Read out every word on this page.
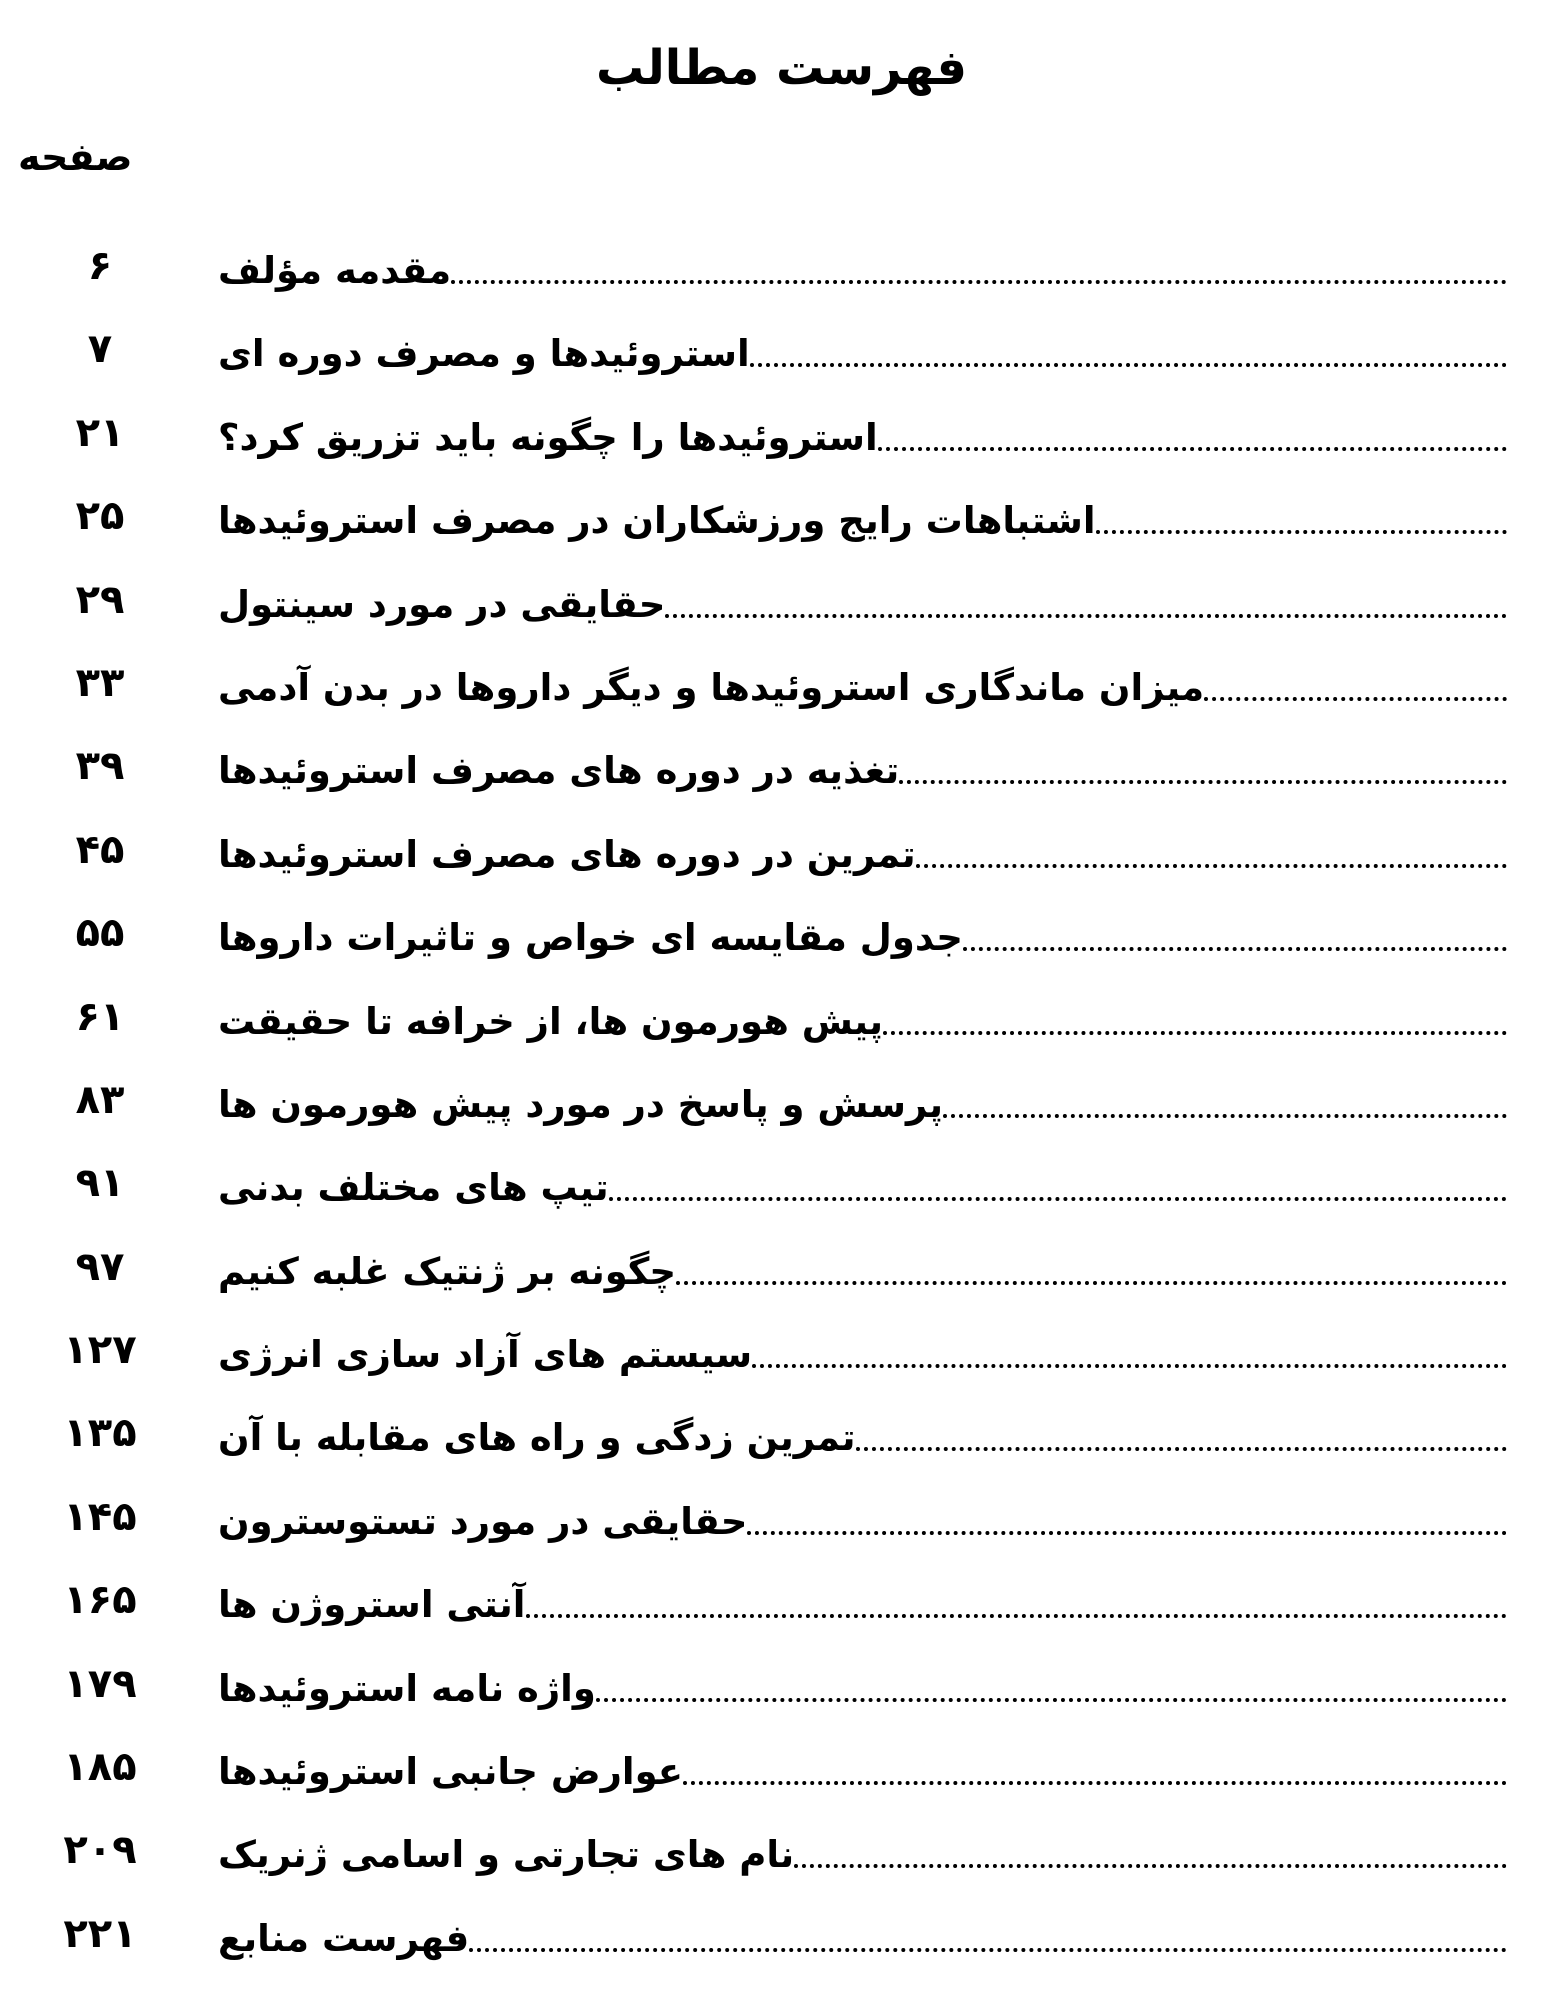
فهرست مطالب
صفحه
مقدمه مؤلف
۶
استروئیدها و مصرف دوره ای
۷
استروئیدها را چگونه باید تزریق کرد؟
۲۱
اشتباهات رایج ورزشکاران در مصرف استروئیدها
۲۵
حقایقی در مورد سینتول
۲۹
میزان ماندگاری استروئیدها و دیگر داروها در بدن آدمی
۳۳
تغذیه در دوره های مصرف استروئیدها
۳۹
تمرین در دوره های مصرف استروئیدها
۴۵
جدول مقایسه ای خواص و تاثیرات داروها
۵۵
پیش هورمون ها، از خرافه تا حقیقت
۶۱
پرسش و پاسخ در مورد پیش هورمون ها
۸۳
تیپ های مختلف بدنی
۹۱
چگونه بر ژنتیک غلبه کنیم
۹۷
سیستم های آزاد سازی انرژی
۱۲۷
تمرین زدگی و راه های مقابله با آن
۱۳۵
حقایقی در مورد تستوسترون
۱۴۵
آنتی استروژن ها
۱۶۵
واژه نامه استروئیدها
۱۷۹
عوارض جانبی استروئیدها
۱۸۵
نام های تجارتی و اسامی ژنریک
۲۰۹
فهرست منابع
۲۲۱
